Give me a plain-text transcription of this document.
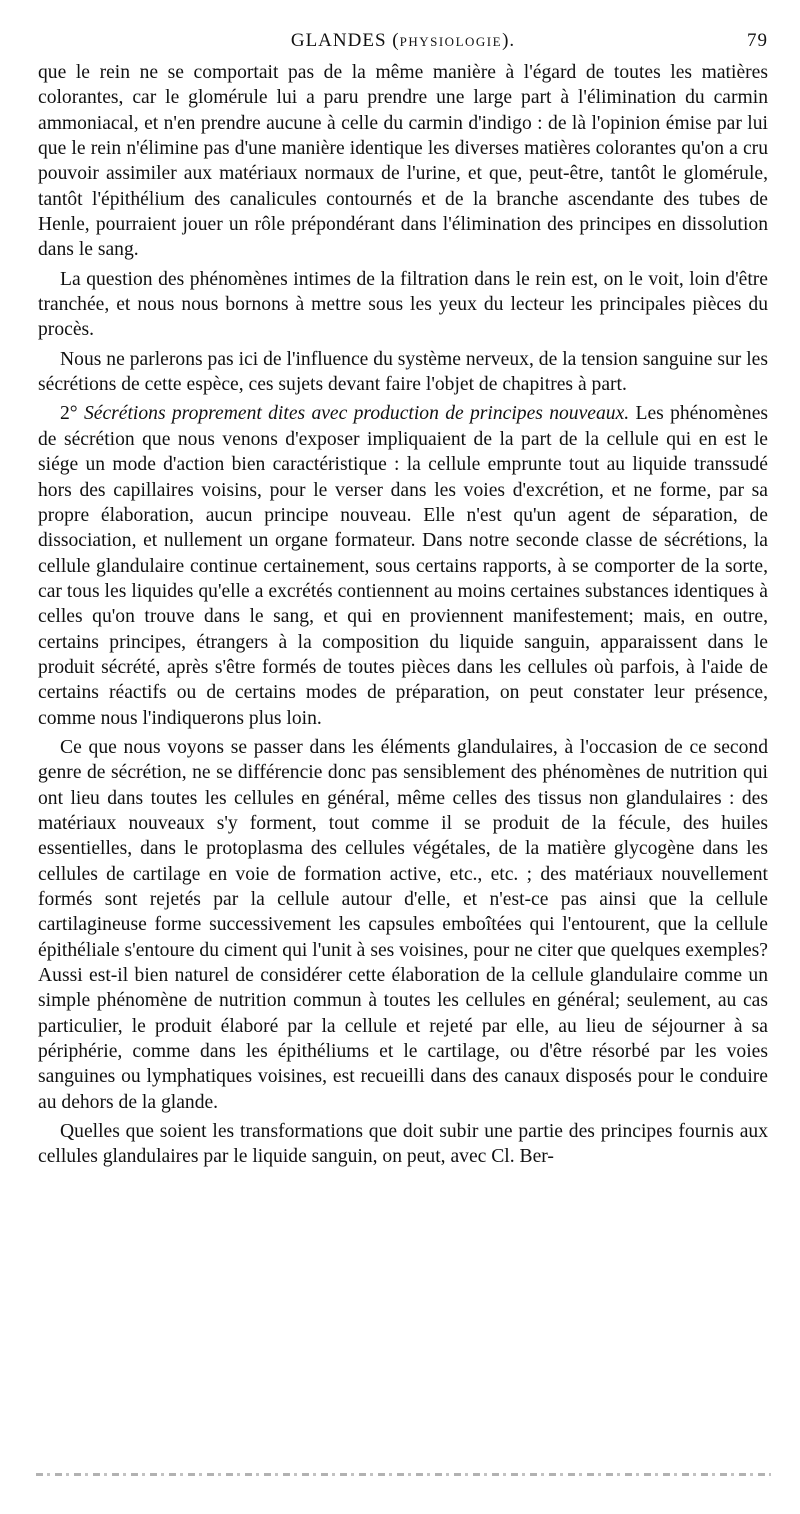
GLANDES (PHYSIOLOGIE).	79

que le rein ne se comportait pas de la même manière à l'égard de toutes les matières colorantes, car le glomérule lui a paru prendre une large part à l'élimination du carmin ammoniacal, et n'en prendre aucune à celle du carmin d'indigo : de là l'opinion émise par lui que le rein n'élimine pas d'une manière identique les diverses matières colorantes qu'on a cru pouvoir assimiler aux matériaux normaux de l'urine, et que, peut-être, tantôt le glomérule, tantôt l'épithélium des canalicules contournés et de la branche ascendante des tubes de Henle, pourraient jouer un rôle prépondérant dans l'élimination des principes en dissolution dans le sang.

La question des phénomènes intimes de la filtration dans le rein est, on le voit, loin d'être tranchée, et nous nous bornons à mettre sous les yeux du lecteur les principales pièces du procès.

Nous ne parlerons pas ici de l'influence du système nerveux, de la tension sanguine sur les sécrétions de cette espèce, ces sujets devant faire l'objet de chapitres à part.

2° Sécrétions proprement dites avec production de principes nouveaux. Les phénomènes de sécrétion que nous venons d'exposer impliquaient de la part de la cellule qui en est le siége un mode d'action bien caractéristique : la cellule emprunte tout au liquide transsudé hors des capillaires voisins, pour le verser dans les voies d'excrétion, et ne forme, par sa propre élaboration, aucun principe nouveau. Elle n'est qu'un agent de séparation, de dissociation, et nullement un organe formateur. Dans notre seconde classe de sécrétions, la cellule glandulaire continue certainement, sous certains rapports, à se comporter de la sorte, car tous les liquides qu'elle a excrétés contiennent au moins certaines substances identiques à celles qu'on trouve dans le sang, et qui en proviennent manifestement; mais, en outre, certains principes, étrangers à la composition du liquide sanguin, apparaissent dans le produit sécrété, après s'être formés de toutes pièces dans les cellules où parfois, à l'aide de certains réactifs ou de certains modes de préparation, on peut constater leur présence, comme nous l'indiquerons plus loin.

Ce que nous voyons se passer dans les éléments glandulaires, à l'occasion de ce second genre de sécrétion, ne se différencie donc pas sensiblement des phénomènes de nutrition qui ont lieu dans toutes les cellules en général, même celles des tissus non glandulaires : des matériaux nouveaux s'y forment, tout comme il se produit de la fécule, des huiles essentielles, dans le protoplasma des cellules végétales, de la matière glycogène dans les cellules de cartilage en voie de formation active, etc., etc. ; des matériaux nouvellement formés sont rejetés par la cellule autour d'elle, et n'est-ce pas ainsi que la cellule cartilagineuse forme successivement les capsules emboîtées qui l'entourent, que la cellule épithéliale s'entoure du ciment qui l'unit à ses voisines, pour ne citer que quelques exemples? Aussi est-il bien naturel de considérer cette élaboration de la cellule glandulaire comme un simple phénomène de nutrition commun à toutes les cellules en général; seulement, au cas particulier, le produit élaboré par la cellule et rejeté par elle, au lieu de séjourner à sa périphérie, comme dans les épithéliums et le cartilage, ou d'être résorbé par les voies sanguines ou lymphatiques voisines, est recueilli dans des canaux disposés pour le conduire au dehors de la glande.

Quelles que soient les transformations que doit subir une partie des principes fournis aux cellules glandulaires par le liquide sanguin, on peut, avec Cl. Ber-
